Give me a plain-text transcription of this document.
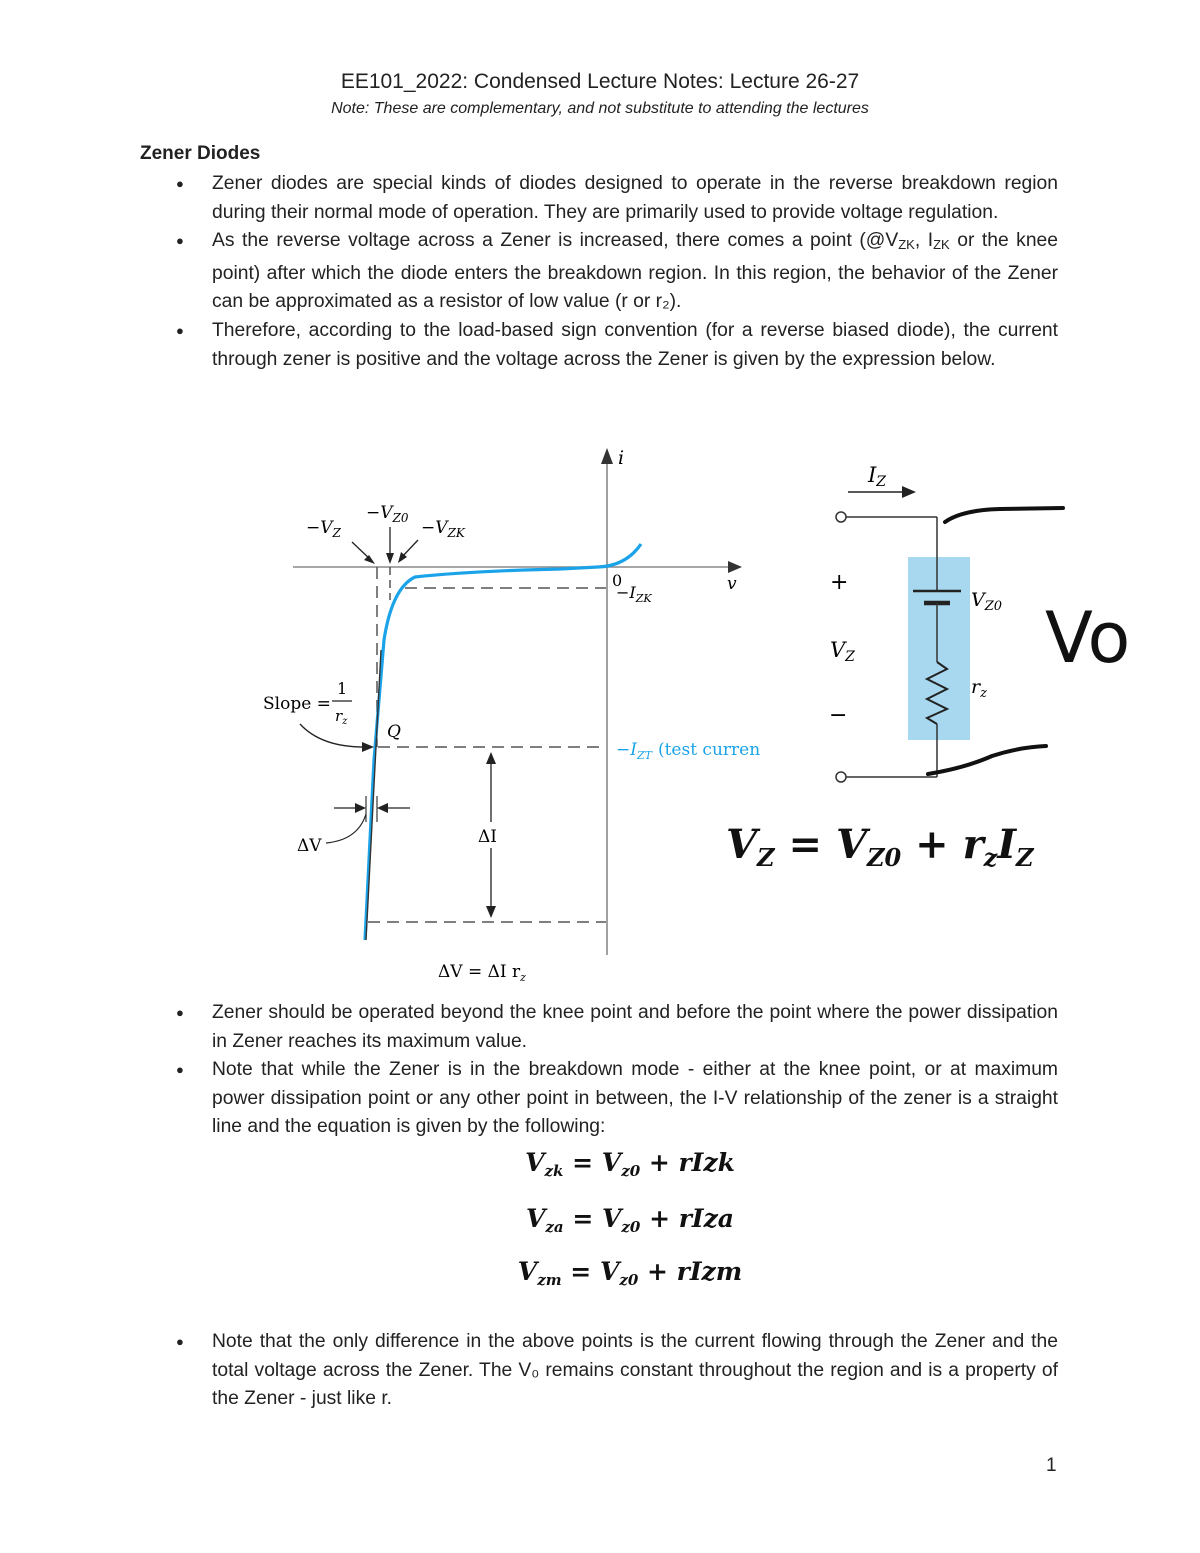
EE101_2022: Condensed Lecture Notes: Lecture 26-27
Note: These are complementary, and not substitute to attending the lectures
Zener Diodes
● Zener diodes are special kinds of diodes designed to operate in the reverse breakdown region during their normal mode of operation. They are primarily used to provide voltage regulation.
● As the reverse voltage across a Zener is increased, there comes a point ($@V_{ZK}$, $I_{ZK}$ or the knee point) after which the diode enters the breakdown region. In this region, the behavior of the Zener can be approximated as a resistor of low value (r or r₂).
● Therefore, according to the load-based sign convention (for a reverse biased diode), the current through zener is positive and the voltage across the Zener is given by the expression below.
i
v
0
$-V_Z$
$-V_{Z0} -V_{ZK}$
$-I_{ZK}$
$-I_{ZT}$ (test curren
Slope =
1
$r_z$
Q
ΔV	ΔI
ΔV = ΔI $r_z$
IZ
+
VZ
−
$V_{Z0}$
$r_z$
Vo
$V_Z = V_{Z0} + r_zI_Z$
● Zener should be operated beyond the knee point and before the point where the power dissipation in Zener reaches its maximum value.
● Note that while the Zener is in the breakdown mode - either at the knee point, or at maximum power dissipation point or any other point in between, the I-V relationship of the zener is a straight line and the equation is given by the following:
$V_{zk} = V_{z0}$ + rIzk
$V_{za} = V_{z0}$ + rIza
$V_{zm} = V_{z0}$ + rIzm
● Note that the only difference in the above points is the current flowing through the Zener and the total voltage across the Zener. The V₀ remains constant throughout the region and is a property of the Zener - just like r.
1
